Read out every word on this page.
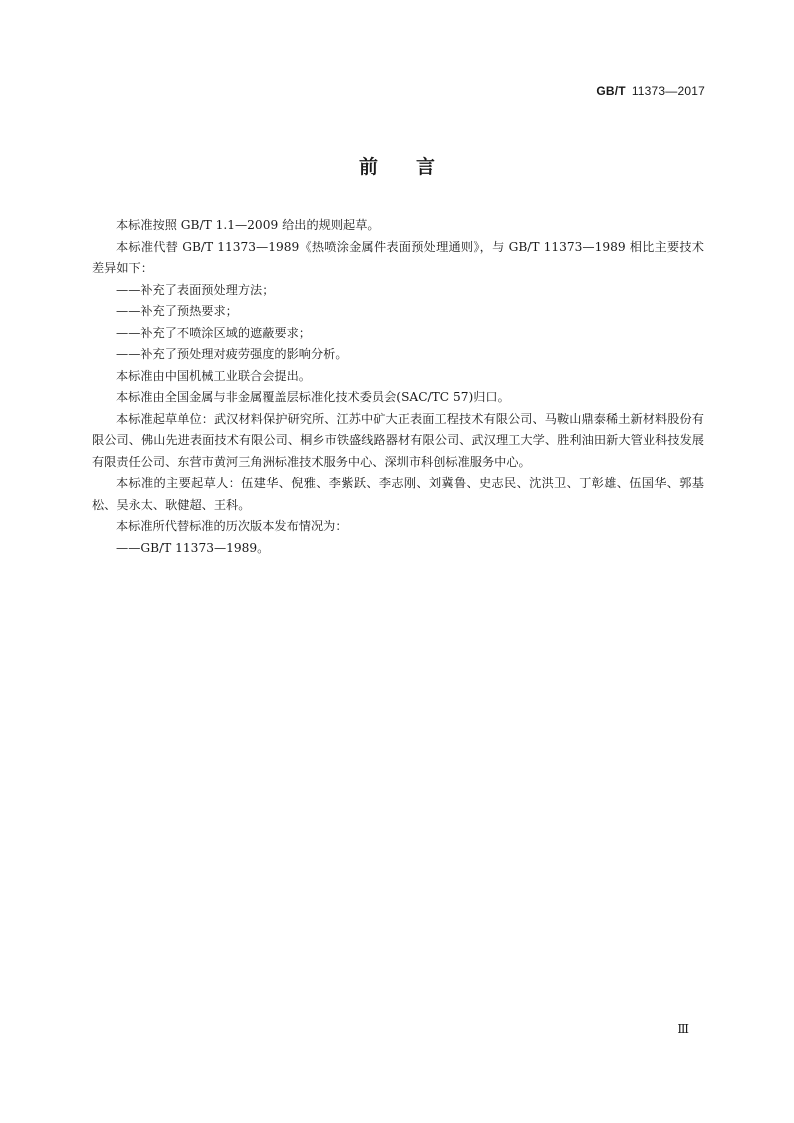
GB/T 11373—2017
前言

本标准按照 GB/T 1.1—2009 给出的规则起草。

本标准代替 GB/T 11373—1989《热喷涂金属件表面预处理通则》，与 GB/T 11373—1989 相比主要技术差异如下：

——补充了表面预处理方法；

——补充了预热要求；

——补充了不喷涂区域的遮蔽要求；

——补充了预处理对疲劳强度的影响分析。

本标准由中国机械工业联合会提出。

本标准由全国金属与非金属覆盖层标准化技术委员会(SAC/TC 57)归口。

本标准起草单位：武汉材料保护研究所、江苏中矿大正表面工程技术有限公司、马鞍山鼎泰稀土新材料股份有限公司、佛山先进表面技术有限公司、桐乡市铁盛线路器材有限公司、武汉理工大学、胜利油田新大管业科技发展有限责任公司、东营市黄河三角洲标准技术服务中心、深圳市科创标准服务中心。

本标准的主要起草人：伍建华、倪雅、李紫跃、李志刚、刘冀鲁、史志民、沈洪卫、丁彰雄、伍国华、郭基松、吴永太、耿健超、王科。

本标准所代替标准的历次版本发布情况为：

——GB/T 11373—1989。

Ⅲ
